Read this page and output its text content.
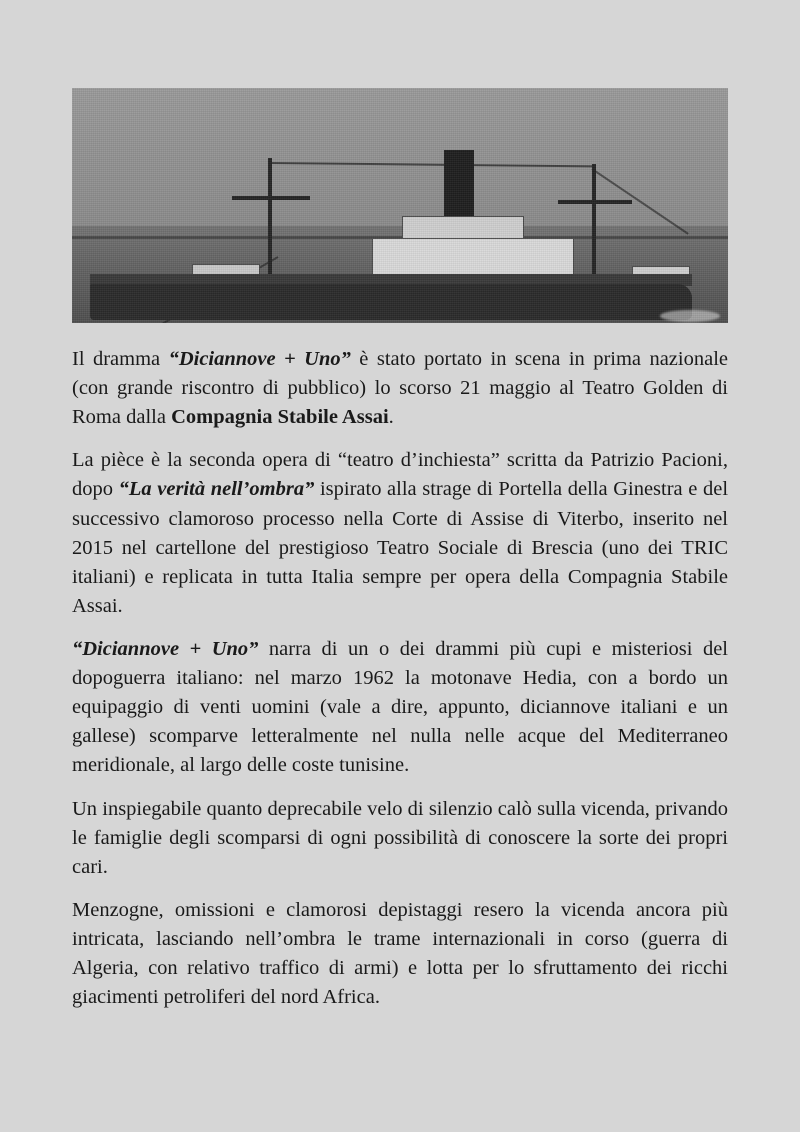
Il dramma “Diciannove + Uno” è stato portato in scena in prima nazionale (con grande riscontro di pubblico) lo scorso 21 maggio al Teatro Golden di Roma dalla Compagnia Stabile Assai.

La pièce è la seconda opera di “teatro d’inchiesta” scritta da Patrizio Pacioni, dopo “La verità nell’ombra” ispirato alla strage di Portella della Ginestra e del successivo clamoroso processo nella Corte di Assise di Viterbo, inserito nel 2015 nel cartellone del prestigioso Teatro Sociale di Brescia (uno dei TRIC italiani) e replicata in tutta Italia sempre per opera della Compagnia Stabile Assai.

“Diciannove + Uno” narra di un o dei drammi più cupi e misteriosi del dopoguerra italiano: nel marzo 1962 la motonave Hedia, con a bordo un equipaggio di venti uomini (vale a dire, appunto, diciannove italiani e un gallese) scomparve letteralmente nel nulla nelle acque del Mediterraneo meridionale, al largo delle coste tunisine.

Un inspiegabile quanto deprecabile velo di silenzio calò sulla vicenda, privando le famiglie degli scomparsi di ogni possibilità di conoscere la sorte dei propri cari.

Menzogne, omissioni e clamorosi depistaggi resero la vicenda ancora più intricata, lasciando nell’ombra le trame internazionali in corso (guerra di Algeria, con relativo traffico di armi) e lotta per lo sfruttamento dei ricchi giacimenti petroliferi del nord Africa.
